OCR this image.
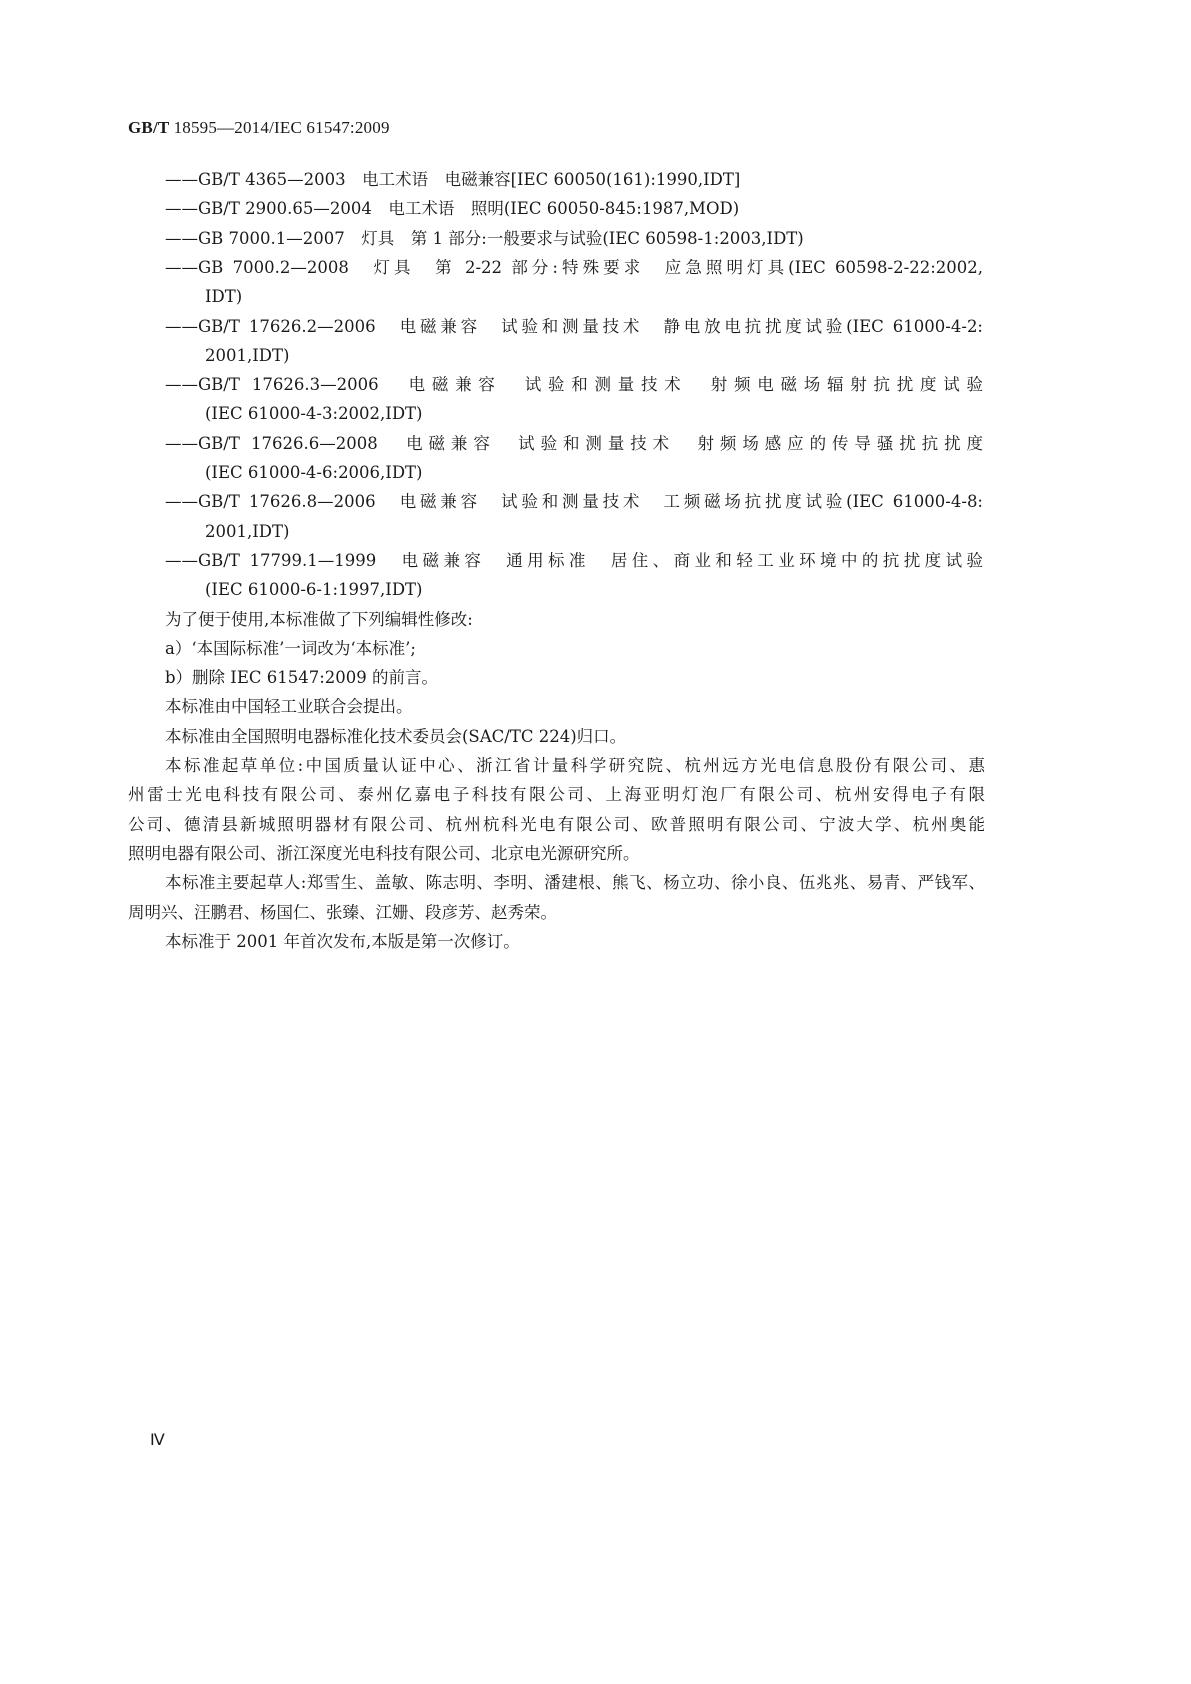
GB/T 18595—2014/IEC 61547:2009
——GB/T 4365—2003　电工术语　电磁兼容[IEC 60050(161):1990,IDT]
——GB/T 2900.65—2004　电工术语　照明(IEC 60050-845:1987,MOD)
——GB 7000.1—2007　灯具　第 1 部分:一般要求与试验(IEC 60598-1:2003,IDT)
——GB 7000.2—2008　灯具　第 2-22 部分:特殊要求　应急照明灯具(IEC 60598-2-22:2002,
IDT)
——GB/T 17626.2—2006　电磁兼容　试验和测量技术　静电放电抗扰度试验(IEC 61000-4-2:
2001,IDT)
——GB/T 17626.3—2006　电磁兼容　试验和测量技术　射频电磁场辐射抗扰度试验
(IEC 61000-4-3:2002,IDT)
——GB/T 17626.6—2008　电磁兼容　试验和测量技术　射频场感应的传导骚扰抗扰度
(IEC 61000-4-6:2006,IDT)
——GB/T 17626.8—2006　电磁兼容　试验和测量技术　工频磁场抗扰度试验(IEC 61000-4-8:
2001,IDT)
——GB/T 17799.1—1999　电磁兼容　通用标准　居住、商业和轻工业环境中的抗扰度试验
(IEC 61000-6-1:1997,IDT)
为了便于使用,本标准做了下列编辑性修改:
a）‘本国际标准’一词改为‘本标准’;
b）删除 IEC 61547:2009 的前言。
本标准由中国轻工业联合会提出。
本标准由全国照明电器标准化技术委员会(SAC/TC 224)归口。
本标准起草单位:中国质量认证中心、浙江省计量科学研究院、杭州远方光电信息股份有限公司、惠
州雷士光电科技有限公司、泰州亿嘉电子科技有限公司、上海亚明灯泡厂有限公司、杭州安得电子有限
公司、德清县新城照明器材有限公司、杭州杭科光电有限公司、欧普照明有限公司、宁波大学、杭州奥能
照明电器有限公司、浙江深度光电科技有限公司、北京电光源研究所。
本标准主要起草人:郑雪生、盖敏、陈志明、李明、潘建根、熊飞、杨立功、徐小良、伍兆兆、易青、严钱军、
周明兴、汪鹏君、杨国仁、张臻、江姗、段彦芳、赵秀荣。
本标准于 2001 年首次发布,本版是第一次修订。
Ⅳ
